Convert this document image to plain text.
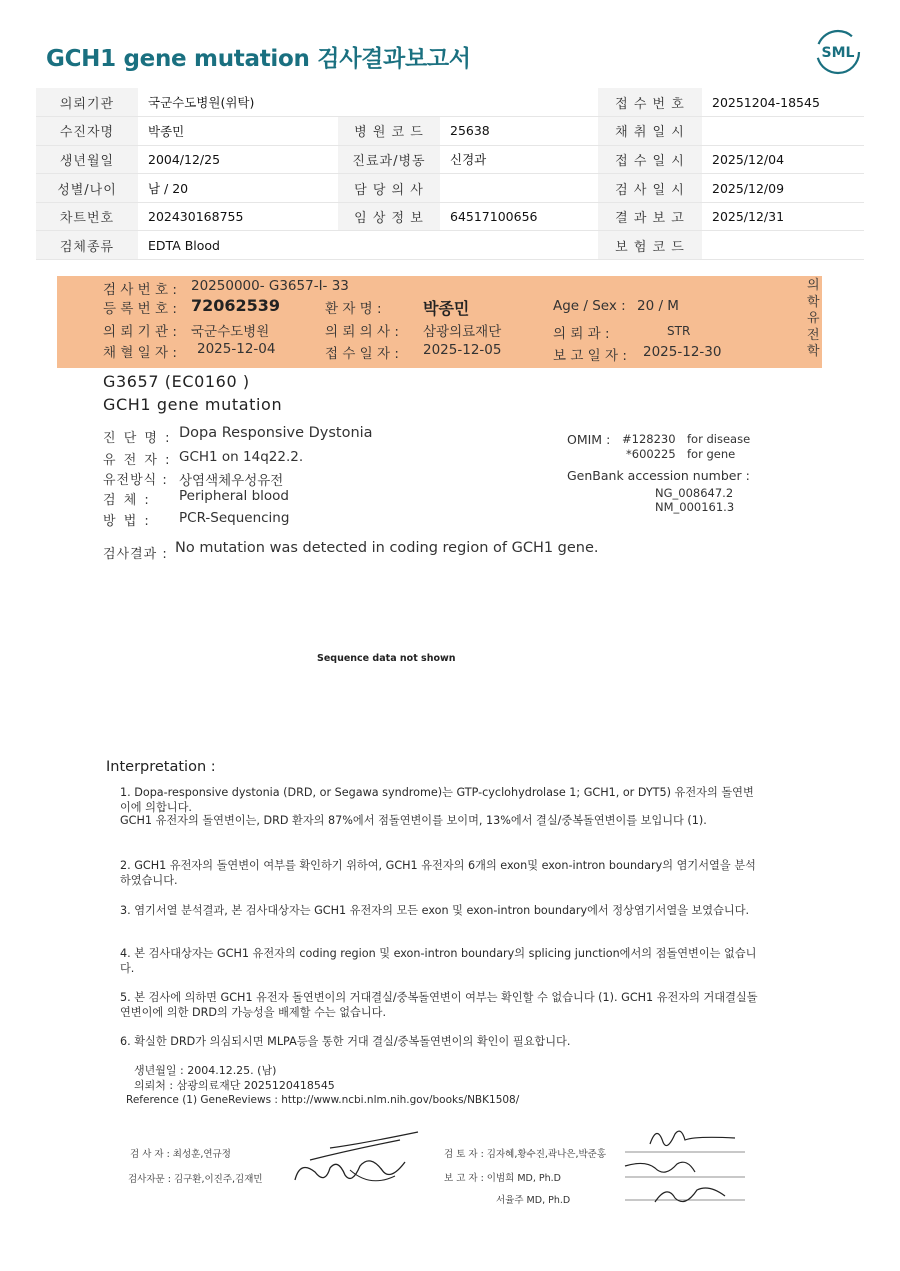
GCH1 gene mutation 검사결과보고서	SML
의뢰기관	국군수도병원(위탁)			접 수 번 호	20251204-18545
수진자명	박종민	병 원 코 드	25638	채 취 일 시	
생년월일	2004/12/25	진료과/병동	신경과	접 수 일 시	2025/12/04
성별/나이	남 / 20	담 당 의 사		검 사 일 시	2025/12/09
차트번호	202430168755	임 상 정 보	64517100656	결 과 보 고	2025/12/31
검체종류	EDTA Blood			보 험 코 드	
검 사 번 호 : 20250000- G3657-I- 33
등 록 번 호 : 72062539	환 자 명 :	박종민	Age / Sex : 20 / M
의 뢰 기 관 : 국군수도병원	의 뢰 의 사 : 삼광의료재단	의 뢰 과 :	STR
채 혈 일 자 : 2025-12-04	접 수 일 자 : 2025-12-05	보 고 일 자 : 2025-12-30
의
학
유
전
학
G3657 (EC0160 )
GCH1 gene mutation
진 단 명 : Dopa Responsive Dystonia
유 전 자 : GCH1 on 14q22.2.
유전방식 : 상염색체우성유전
검 체 : Peripheral blood
방 법 : PCR-Sequencing
OMIM : #128230 for disease
*600225 for gene
GenBank accession number :
NG_008647.2
NM_000161.3
검사결과 : No mutation was detected in coding region of GCH1 gene.
Sequence data not shown
Interpretation :
1. Dopa-responsive dystonia (DRD, or Segawa syndrome)는 GTP-cyclohydrolase 1; GCH1, or DYT5) 유전자의 돌연변이에 의합니다.
GCH1 유전자의 돌연변이는, DRD 환자의 87%에서 점돌연변이를 보이며, 13%에서 결실/중복돌연변이를 보입니다 (1).
2. GCH1 유전자의 돌연변이 여부를 확인하기 위하여, GCH1 유전자의 6개의 exon및 exon-intron boundary의 염기서열을 분석하였습니다.
3. 염기서열 분석결과, 본 검사대상자는 GCH1 유전자의 모든 exon 및 exon-intron boundary에서 정상염기서열을 보였습니다.
4. 본 검사대상자는 GCH1 유전자의 coding region 및 exon-intron boundary의 splicing junction에서의 점돌연변이는 없습니다.
5. 본 검사에 의하면 GCH1 유전자 돌연변이의 거대결실/중복돌연변이 여부는 확인할 수 없습니다 (1). GCH1 유전자의 거대결실돌연변이에 의한 DRD의 가능성을 배제할 수는 없습니다.
6. 확실한 DRD가 의심되시면 MLPA등을 통한 거대 결실/중복돌연변이의 확인이 필요합니다.
생년월일 : 2004.12.25. (남)
의뢰처 : 삼광의료재단 2025120418545
Reference (1) GeneReviews : http://www.ncbi.nlm.nih.gov/books/NBK1508/
검 사 자 : 최성훈,연규정
검사자문 : 김구환,이진주,김재민
검 토 자 : 김자혜,황수진,곽나은,박준홍
보 고 자 : 이범희 MD, Ph.D
서율주 MD, Ph.D
